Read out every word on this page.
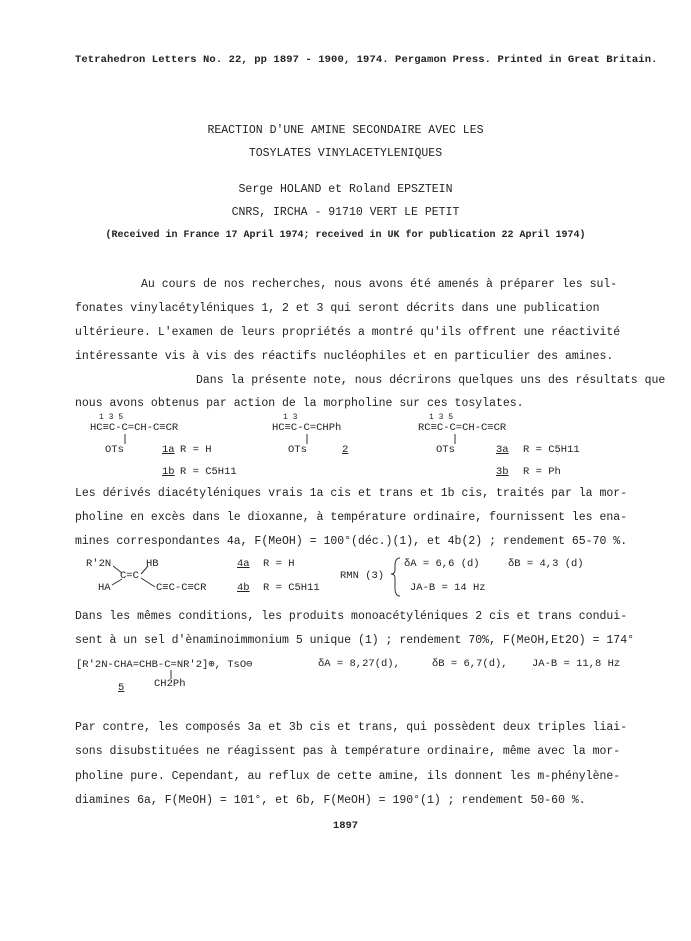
Tetrahedron Letters No. 22, pp 1897 - 1900, 1974. Pergamon Press. Printed in Great Britain.
REACTION D'UNE AMINE SECONDAIRE AVEC LES
TOSYLATES VINYLACETYLENIQUES
Serge HOLAND et Roland EPSZTEIN
CNRS, IRCHA - 91710 VERT LE PETIT
(Received in France 17 April 1974; received in UK for publication 22 April 1974)
Au cours de nos recherches, nous avons été amenés à préparer les sul-
fonates vinylacétyléniques 1, 2 et 3 qui seront décrits dans une publication
ultérieure. L'examen de leurs propriétés a montré qu'ils offrent une réactivité
intéressante vis à vis des réactifs nucléophiles et en particulier des amines.
Dans la présente note, nous décrirons quelques uns des résultats que
nous avons obtenus par action de la morpholine sur ces tosylates.
1 3 5
HC≡C-C=CH-C≡CR
OTs	1a R = H
1b R = C5H11
1 3
HC≡C-C=CHPh
OTs	2
1 3 5
RC≡C-C=CH-C≡CR
OTs	3a R = C5H11
3b R = Ph
Les dérivés diacétyléniques vrais 1a cis et trans et 1b cis, traités par la mor-
pholine en excès dans le dioxanne, à température ordinaire, fournissent les ena-
mines correspondantes 4a, F(MeOH) = 100°(déc.)(1), et 4b(2) ; rendement 65-70 %.
R'2N	HB
C=C
HA	C≡C-C≡CR
4a R = H
4b R = C5H11
RMN (3)
δA = 6,6 (d)	δB = 4,3 (d)
JA-B = 14 Hz
Dans les mêmes conditions, les produits monoacétyléniques 2 cis et trans condui-
sent à un sel d'ènaminoimmonium 5 unique (1) ; rendement 70%, F(MeOH,Et2O) = 174°
[R'2N-CHA=CHB-C=NR'2]⊕, TsO⊖
CH2Ph
5
δA = 8,27(d),	δB = 6,7(d), JA-B = 11,8 Hz
Par contre, les composés 3a et 3b cis et trans, qui possèdent deux triples liai-
sons disubstituées ne réagissent pas à température ordinaire, même avec la mor-
pholine pure. Cependant, au reflux de cette amine, ils donnent les m-phénylène-
diamines 6a, F(MeOH) = 101°, et 6b, F(MeOH) = 190°(1) ; rendement 50-60 %.
1897
